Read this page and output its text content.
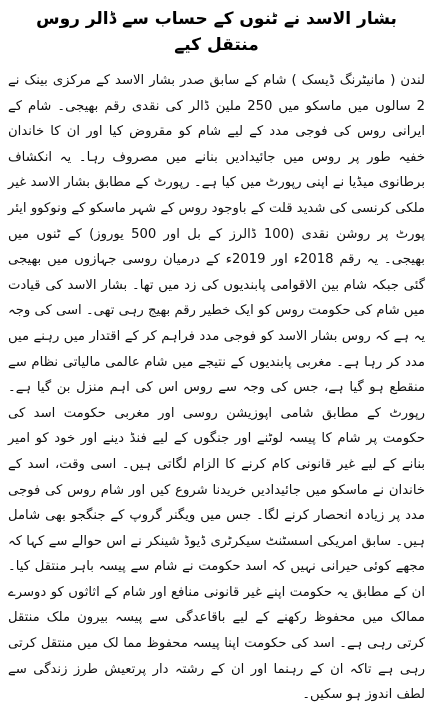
بشار الاسد نے ٹنوں کے حساب سے ڈالر روس منتقل کیے

لندن ( مانیٹرنگ ڈیسک ) شام کے سابق صدر بشار الاسد کے مرکزی بینک نے 2 سالوں میں ماسکو میں 250 ملین ڈالر کی نقدی رقم بھیجی۔ شام کے ایرانی روس کی فوجی مدد کے لیے شام کو مقروض کیا اور ان کا خاندان خفیہ طور پر روس میں جائیدادیں بنانے میں مصروف رہا۔ یہ انکشاف برطانوی میڈیا نے اپنی رپورٹ میں کیا ہے۔ رپورٹ کے مطابق بشار الاسد غیر ملکی کرنسی کی شدید قلت کے باوجود روس کے شہر ماسکو کے ونوکوو ایئر پورٹ پر روشن نقدی (100 ڈالرز کے بل اور 500 یوروز) کے ٹنوں میں بھیجی۔ یہ رقم 2018ء اور 2019ء کے درمیان روسی جہازوں میں بھیجی گئی جبکہ شام بین الاقوامی پابندیوں کی زد میں تھا۔ بشار الاسد کی قیادت میں شام کی حکومت روس کو ایک خطیر رقم بھیج رہی تھی۔ اسی کی وجہ یہ ہے کہ روس بشار الاسد کو فوجی مدد فراہم کر کے اقتدار میں رہنے میں مدد کر رہا ہے۔ مغربی پابندیوں کے نتیجے میں شام عالمی مالیاتی نظام سے منقطع ہو گیا ہے، جس کی وجہ سے روس اس کی اہم منزل بن گیا ہے۔ رپورٹ کے مطابق شامی اپوزیشن روسی اور مغربی حکومت اسد کی حکومت پر شام کا پیسہ لوٹنے اور جنگوں کے لیے فنڈ دینے اور خود کو امیر بنانے کے لیے غیر قانونی کام کرنے کا الزام لگاتی ہیں۔ اسی وقت، اسد کے خاندان نے ماسکو میں جائیدادیں خریدنا شروع کیں اور شام روس کی فوجی مدد پر زیادہ انحصار کرنے لگا۔ جس میں ویگنر گروپ کے جنگجو بھی شامل ہیں۔ سابق امریکی اسسٹنٹ سیکرٹری ڈیوڈ شینکر نے اس حوالے سے کہا کہ مجھے کوئی حیرانی نہیں کہ اسد حکومت نے شام سے پیسہ باہر منتقل کیا۔ ان کے مطابق یہ حکومت اپنے غیر قانونی منافع اور شام کے اثاثوں کو دوسرے ممالک میں محفوظ رکھنے کے لیے باقاعدگی سے پیسہ بیرون ملک منتقل کرتی رہی ہے۔ اسد کی حکومت اپنا پیسہ محفوظ مما لک میں منتقل کرتی رہی ہے تاکہ ان کے رہنما اور ان کے رشتہ دار پرتعیش طرز زندگی سے لطف اندوز ہو سکیں۔
